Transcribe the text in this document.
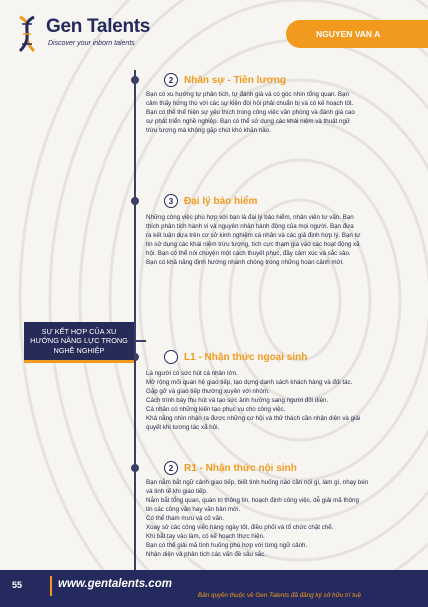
Gen Talents
Discover your inborn talents
NGUYEN VAN A
SỰ KẾT HỢP CỦA XU HƯỚNG NĂNG LỰC TRONG NGHỀ NGHIỆP
2	Nhân sự - Tiền lương

Bạn có xu hướng tự phân tích, tự đánh giá và có góc nhìn tổng quan. Bạn
cảm thấy hứng thú với các sự kiện đòi hỏi phải chuẩn bị và có kế hoạch tốt.
Bạn có thể thể hiện sự yêu thích trong công việc văn phòng và đánh giá cao
sự phát triển nghề nghiệp. Bạn có thể sử dụng các khái niệm và thuật ngữ
trừu tượng mà không gặp chút khó khăn nào.

3	Đại lý bảo hiểm

Những công việc phù hợp với bạn là đại lý bảo hiểm, nhân viên tư vấn. Bạn
thích phân tích hành vi và nguyên nhân hành động của mọi người. Bạn đưa
ra kết luận dựa trên cơ sở kinh nghiệm cá nhân và các giả định hợp lý. Bạn tự
tin sử dụng các khái niệm trừu tượng, tích cực tham gia vào các hoạt động xã
hội. Bạn có thể nói chuyện một cách thuyết phục, đầy cảm xúc và sắc sảo.
Bạn có khả năng định hướng nhanh chóng trong những hoàn cảnh mới.

L1 - Nhận thức ngoại sinh

Là người có sức hút cá nhân lớn.
Mở rộng mối quan hệ giao tiếp, tạo dựng danh sách khách hàng và đối tác.
Gặp gỡ và giao tiếp thường xuyên với nhóm.
Cách trình bày thu hút và tạo sức ảnh hưởng sang người đối diện.
Cá nhân có những kiến tạo phục vụ cho công việc.
Khả năng nhìn nhận ra được những cơ hội và thử thách cần nhận diện và giải
quyết khi tương tác xã hội.

2	R1 - Nhận thức nội sinh

Bạn nắm bắt ngữ cảnh giao tiếp, biết tình huống nào cần nói gì, làm gì, nhạy bén
và tinh tế khi giao tiếp.
Nắm bắt tổng quan, quản trị thông tin, hoạch định công việc, dễ giải mã thông
tin các công văn hay văn bản mới.
Có thể tham mưu và cố vấn.
Xoay sở các công việc hàng ngày tốt, điều phối và tổ chức chặt chẽ.
Khi bắt tay vào làm, có kế hoạch thực hiện.
Bạn có thể giải mã tình huống phù hợp với từng ngữ cảnh.
Nhận diện và phân tích các vấn đề sâu sắc.

55	www.gentalents.com
Bản quyền thuộc về Gen Talents đã đăng ký sở hữu trí tuệ
